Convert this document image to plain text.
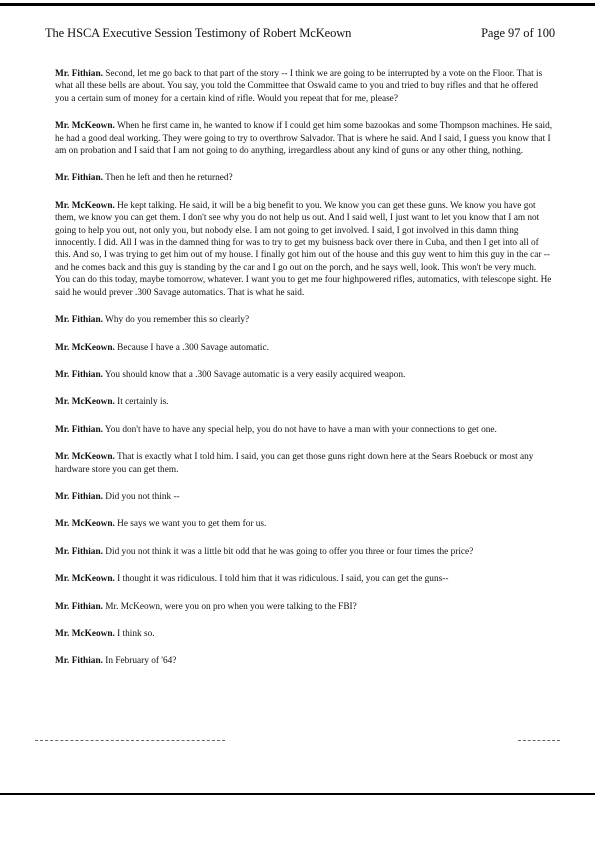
The HSCA Executive Session Testimony of Robert McKeown	Page 97 of 100

Mr. Fithian. Second, let me go back to that part of the story -- I think we are going to be interrupted by a vote on the Floor. That is what all these bells are about. You say, you told the Committee that Oswald came to you and tried to buy rifles and that he offered you a certain sum of money for a certain kind of rifle. Would you repeat that for me, please?

Mr. McKeown. When he first came in, he wanted to know if I could get him some bazookas and some Thompson machines. He said, he had a good deal working. They were going to try to overthrow Salvador. That is where he said. And I said, I guess you know that I am on probation and I said that I am not going to do anything, irregardless about any kind of guns or any other thing, nothing.

Mr. Fithian. Then he left and then he returned?

Mr. McKeown. He kept talking. He said, it will be a big benefit to you. We know you can get these guns. We know you have got them, we know you can get them. I don't see why you do not help us out. And I said well, I just want to let you know that I am not going to help you out, not only you, but nobody else. I am not going to get involved. I said, I got involved in this damn thing innocently. I did. All I was in the damned thing for was to try to get my buisness back over there in Cuba, and then I get into all of this. And so, I was trying to get him out of my house. I finally got him out of the house and this guy went to him this guy in the car -- and he comes back and this guy is standing by the car and I go out on the porch, and he says well, look. This won't be very much. You can do this today, maybe tomorrow, whatever. I want you to get me four highpowered rifles, automatics, with telescope sight. He said he would prever .300 Savage automatics. That is what he said.

Mr. Fithian. Why do you remember this so clearly?

Mr. McKeown. Because I have a .300 Savage automatic.

Mr. Fithian. You should know that a .300 Savage automatic is a very easily acquired weapon.

Mr. McKeown. It certainly is.

Mr. Fithian. You don't have to have any special help, you do not have to have a man with your connections to get one.

Mr. McKeown. That is exactly what I told him. I said, you can get those guns right down here at the Sears Roebuck or most any hardware store you can get them.

Mr. Fithian. Did you not think --

Mr. McKeown. He says we want you to get them for us.

Mr. Fithian. Did you not think it was a little bit odd that he was going to offer you three or four times the price?

Mr. McKeown. I thought it was ridiculous. I told him that it was ridiculous. I said, you can get the guns--

Mr. Fithian. Mr. McKeown, were you on pro when you were talking to the FBI?

Mr. McKeown. I think so.

Mr. Fithian. In February of '64?
